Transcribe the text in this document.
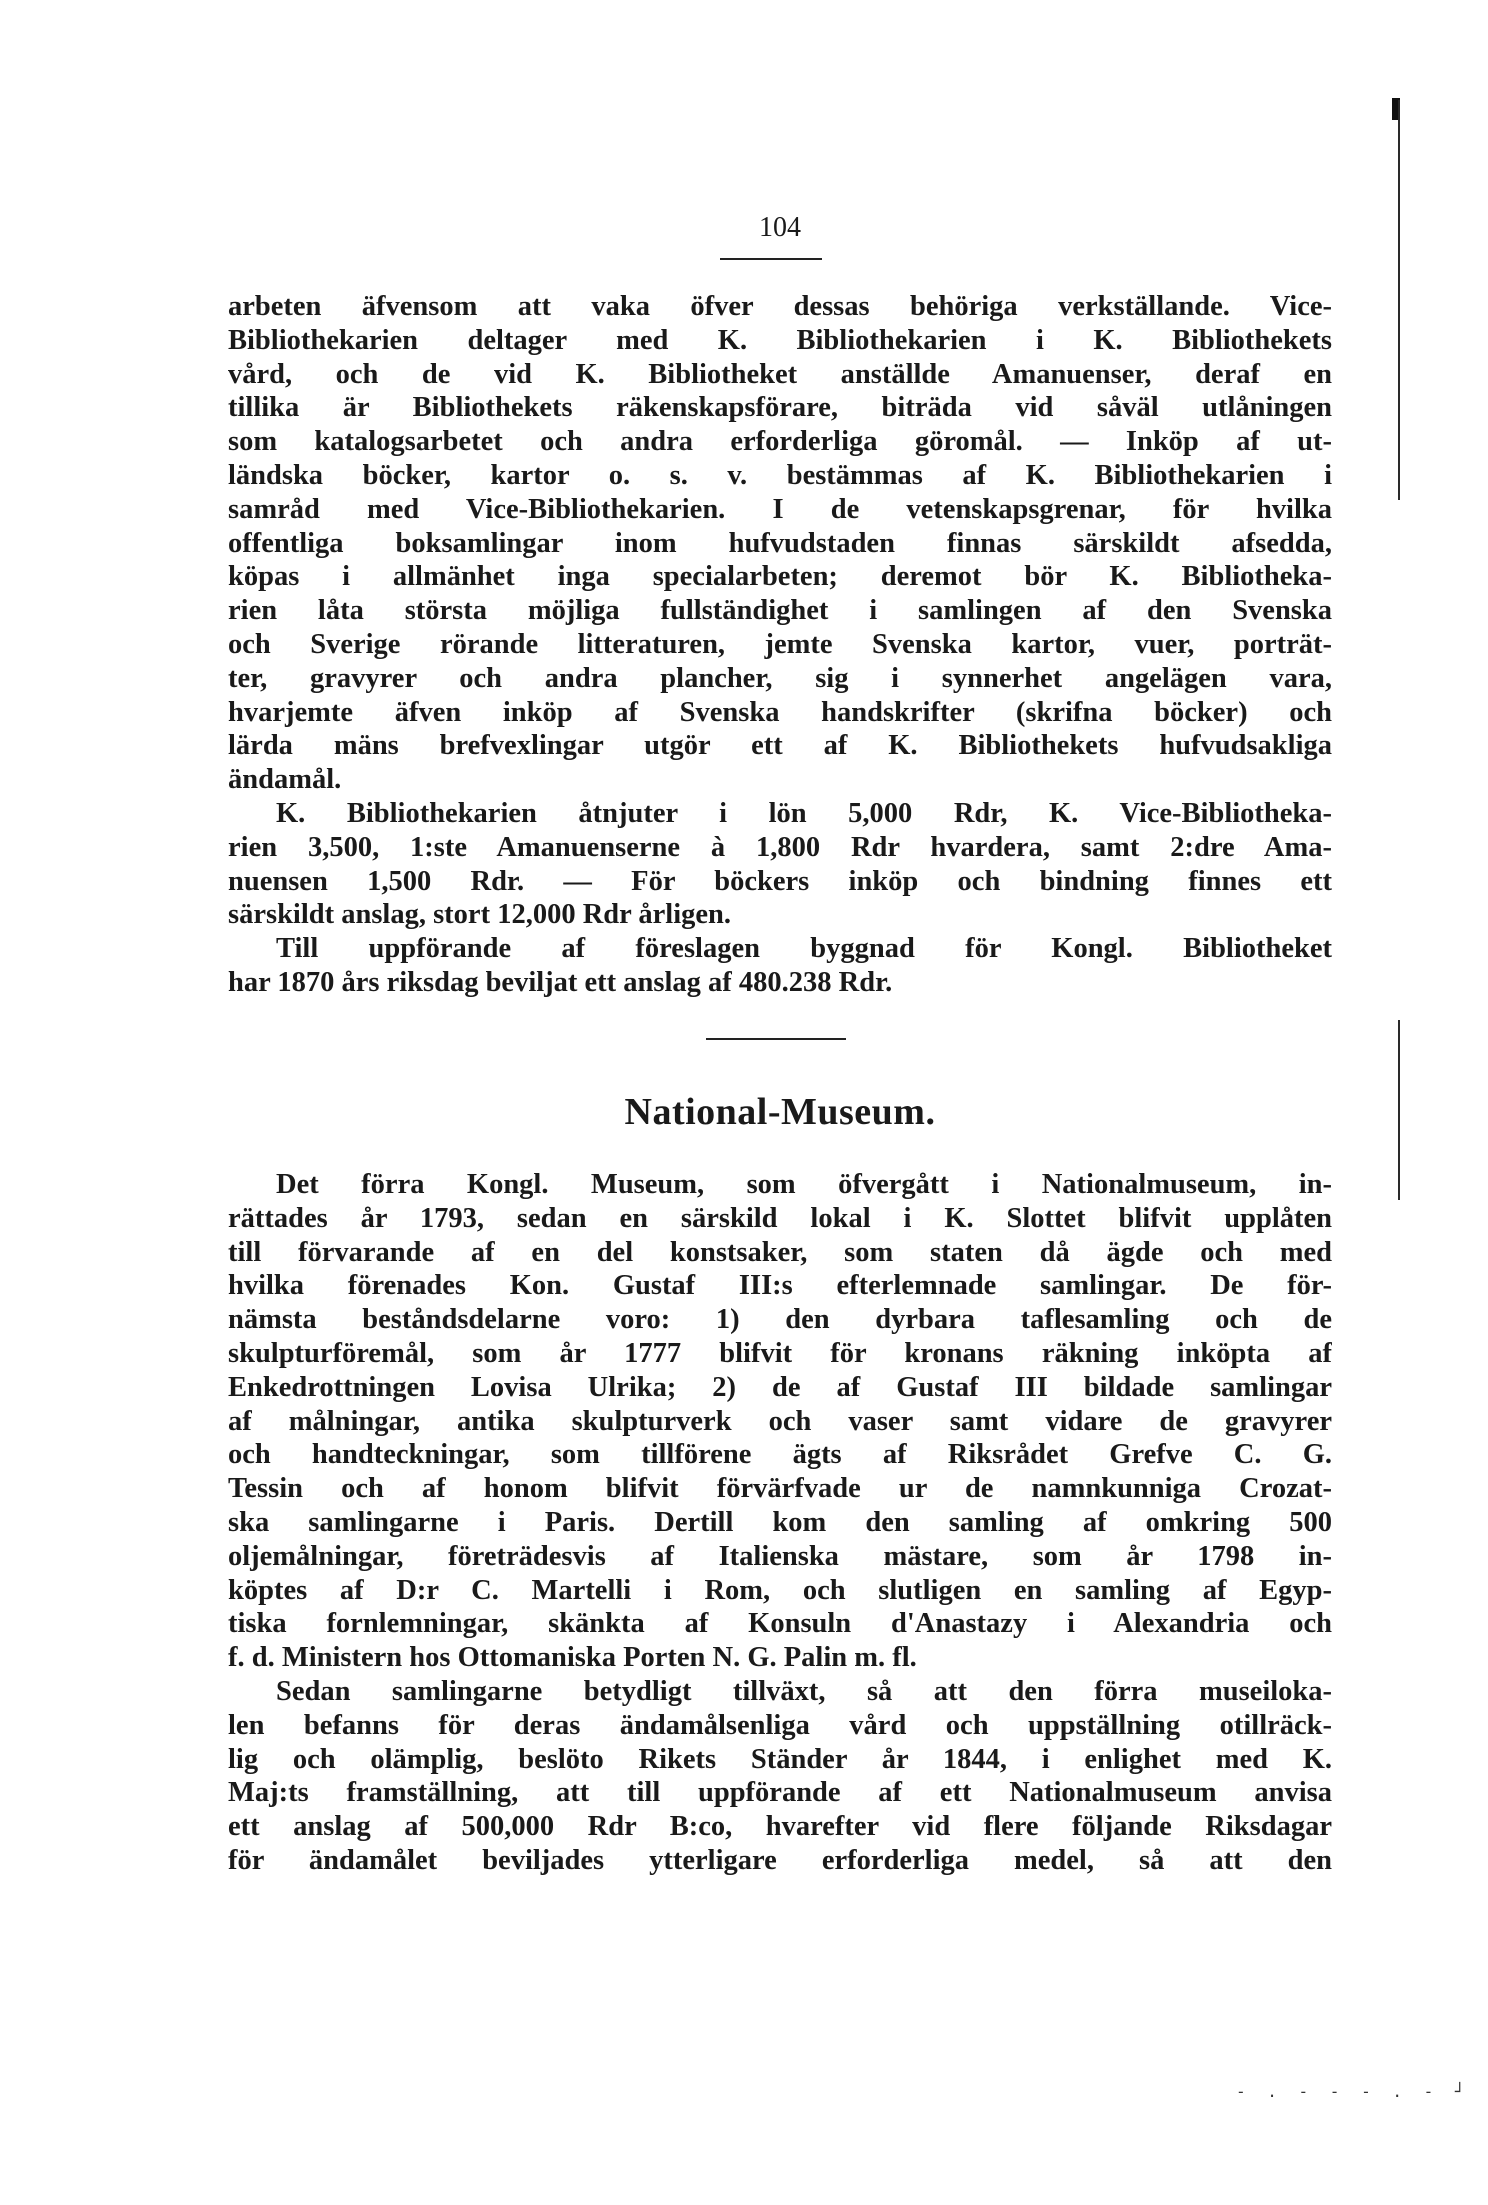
104
arbeten äfvensom att vaka öfver dessas behöriga verkställande. Vice-
Bibliothekarien deltager med K. Bibliothekarien i K. Bibliothekets
vård, och de vid K. Bibliotheket anställde Amanuenser, deraf en
tillika är Bibliothekets räkenskapsförare, biträda vid såväl utlåningen
som katalogsarbetet och andra erforderliga göromål. — Inköp af ut-
ländska böcker, kartor o. s. v. bestämmas af K. Bibliothekarien i
samråd med Vice-Bibliothekarien. I de vetenskapsgrenar, för hvilka
offentliga boksamlingar inom hufvudstaden finnas särskildt afsedda,
köpas i allmänhet inga specialarbeten; deremot bör K. Bibliotheka-
rien låta största möjliga fullständighet i samlingen af den Svenska
och Sverige rörande litteraturen, jemte Svenska kartor, vuer, porträt-
ter, gravyrer och andra plancher, sig i synnerhet angelägen vara,
hvarjemte äfven inköp af Svenska handskrifter (skrifna böcker) och
lärda mäns brefvexlingar utgör ett af K. Bibliothekets hufvudsakliga
ändamål.
K. Bibliothekarien åtnjuter i lön 5,000 Rdr, K. Vice-Bibliotheka-
rien 3,500, 1:ste Amanuenserne à 1,800 Rdr hvardera, samt 2:dre Ama-
nuensen 1,500 Rdr. — För böckers inköp och bindning finnes ett
särskildt anslag, stort 12,000 Rdr årligen.
Till uppförande af föreslagen byggnad för Kongl. Bibliotheket
har 1870 års riksdag beviljat ett anslag af 480.238 Rdr.
National-Museum.
Det förra Kongl. Museum, som öfvergått i Nationalmuseum, in-
rättades år 1793, sedan en särskild lokal i K. Slottet blifvit upplåten
till förvarande af en del konstsaker, som staten då ägde och med
hvilka förenades Kon. Gustaf III:s efterlemnade samlingar. De för-
nämsta beståndsdelarne voro: 1) den dyrbara taflesamling och de
skulpturföremål, som år 1777 blifvit för kronans räkning inköpta af
Enkedrottningen Lovisa Ulrika; 2) de af Gustaf III bildade samlingar
af målningar, antika skulpturverk och vaser samt vidare de gravyrer
och handteckningar, som tillförene ägts af Riksrådet Grefve C. G.
Tessin och af honom blifvit förvärfvade ur de namnkunniga Crozat-
ska samlingarne i Paris. Dertill kom den samling af omkring 500
oljemålningar, företrädesvis af Italienska mästare, som år 1798 in-
köptes af D:r C. Martelli i Rom, och slutligen en samling af Egyp-
tiska fornlemningar, skänkta af Konsuln d'Anastazy i Alexandria och
f. d. Ministern hos Ottomaniska Porten N. G. Palin m. fl.
Sedan samlingarne betydligt tillväxt, så att den förra museiloka-
len befanns för deras ändamålsenliga vård och uppställning otillräck-
lig och olämplig, beslöto Rikets Ständer år 1844, i enlighet med K.
Maj:ts framställning, att till uppförande af ett Nationalmuseum anvisa
ett anslag af 500,000 Rdr B:co, hvarefter vid flere följande Riksdagar
för ändamålet beviljades ytterligare erforderliga medel, så att den
- . - - - . - ┘
